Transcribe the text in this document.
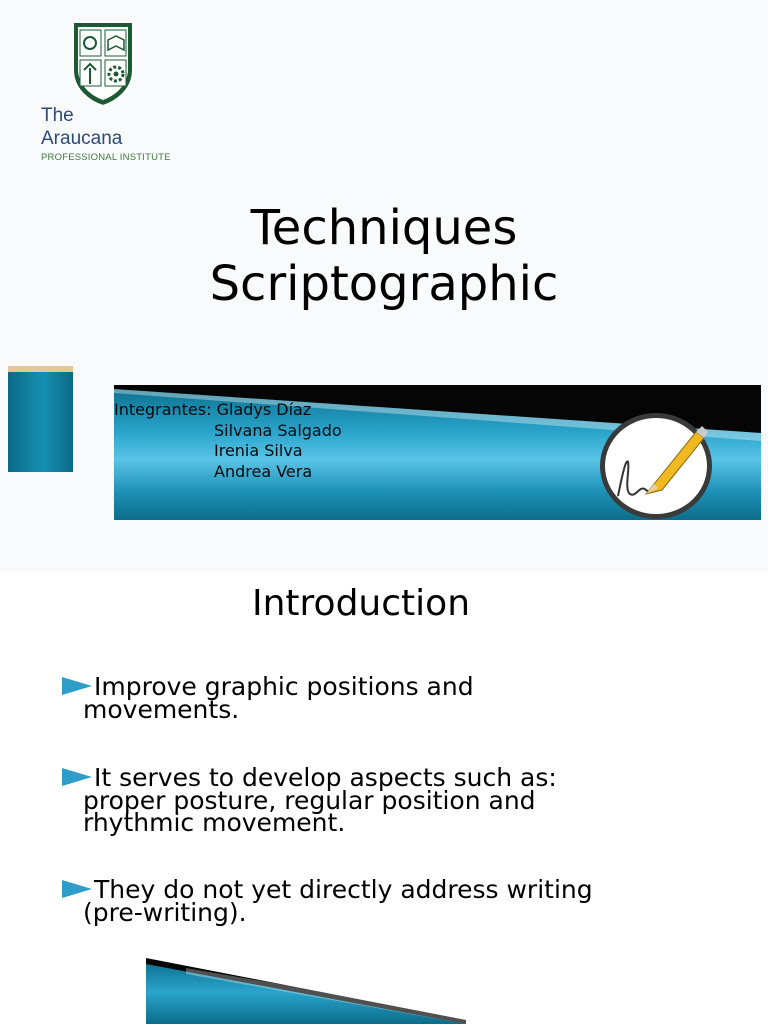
The
Araucana
PROFESSIONAL INSTITUTE
Techniques
Scriptographic
Integrantes: Gladys Díaz
Silvana Salgado
Irenia Silva
Andrea Vera
Introduction
Improve graphic positions and
movements.
It serves to develop aspects such as:
proper posture, regular position and
rhythmic movement.
They do not yet directly address writing
(pre-writing).
